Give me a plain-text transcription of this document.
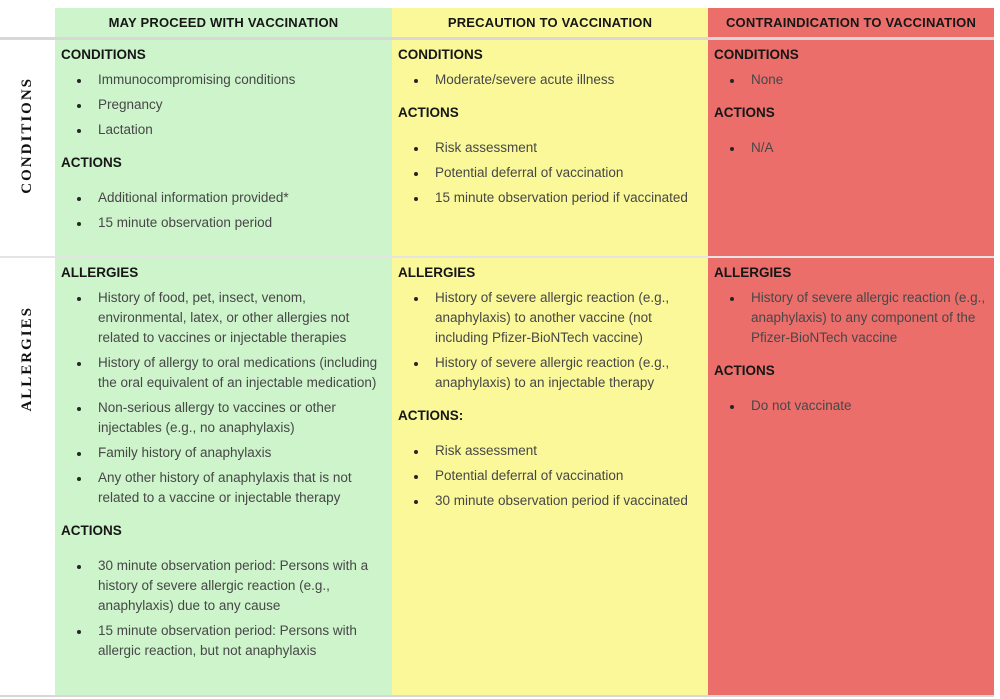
MAY PROCEED WITH VACCINATION	PRECAUTION TO VACCINATION	CONTRAINDICATION TO VACCINATION
CONDITIONS
CONDITIONS
• Immunocompromising conditions
• Pregnancy
• Lactation
ACTIONS
• Additional information provided*
• 15 minute observation period
CONDITIONS
• Moderate/severe acute illness
ACTIONS
• Risk assessment
• Potential deferral of vaccination
• 15 minute observation period if vaccinated
CONDITIONS
• None
ACTIONS
• N/A
ALLERGIES
ALLERGIES
• History of food, pet, insect, venom, environmental, latex, or other allergies not related to vaccines or injectable therapies
• History of allergy to oral medications (including the oral equivalent of an injectable medication)
• Non-serious allergy to vaccines or other injectables (e.g., no anaphylaxis)
• Family history of anaphylaxis
• Any other history of anaphylaxis that is not related to a vaccine or injectable therapy
ACTIONS
• 30 minute observation period: Persons with a history of severe allergic reaction (e.g., anaphylaxis) due to any cause
• 15 minute observation period: Persons with allergic reaction, but not anaphylaxis
ALLERGIES
• History of severe allergic reaction (e.g., anaphylaxis) to another vaccine (not including Pfizer-BioNTech vaccine)
• History of severe allergic reaction (e.g., anaphylaxis) to an injectable therapy
ACTIONS:
• Risk assessment
• Potential deferral of vaccination
• 30 minute observation period if vaccinated
ALLERGIES
• History of severe allergic reaction (e.g., anaphylaxis) to any component of the Pfizer-BioNTech vaccine
ACTIONS
• Do not vaccinate
